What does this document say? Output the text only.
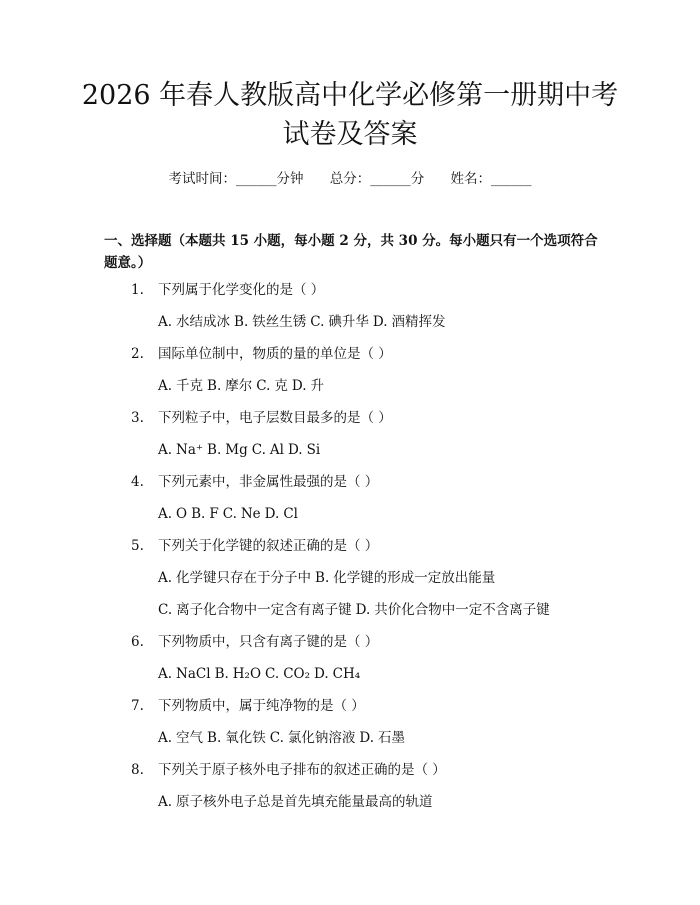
2026 年春人教版高中化学必修第一册期中考
试卷及答案
考试时间：______分钟 总分：______分 姓名：______

一、选择题（本题共 15 小题，每小题 2 分，共 30 分。每小题只有一个选项符合题意。）

1. 下列属于化学变化的是（ ）
A. 水结成冰 B. 铁丝生锈 C. 碘升华 D. 酒精挥发
2. 国际单位制中，物质的量的单位是（ ）
A. 千克 B. 摩尔 C. 克 D. 升
3. 下列粒子中，电子层数目最多的是（ ）
A. Na⁺ B. Mg C. Al D. Si
4. 下列元素中，非金属性最强的是（ ）
A. O B. F C. Ne D. Cl
5. 下列关于化学键的叙述正确的是（ ）
A. 化学键只存在于分子中 B. 化学键的形成一定放出能量
C. 离子化合物中一定含有离子键 D. 共价化合物中一定不含离子键
6. 下列物质中，只含有离子键的是（ ）
A. NaCl B. H₂O C. CO₂ D. CH₄
7. 下列物质中，属于纯净物的是（ ）
A. 空气 B. 氧化铁 C. 氯化钠溶液 D. 石墨
8. 下列关于原子核外电子排布的叙述正确的是（ ）
A. 原子核外电子总是首先填充能量最高的轨道
